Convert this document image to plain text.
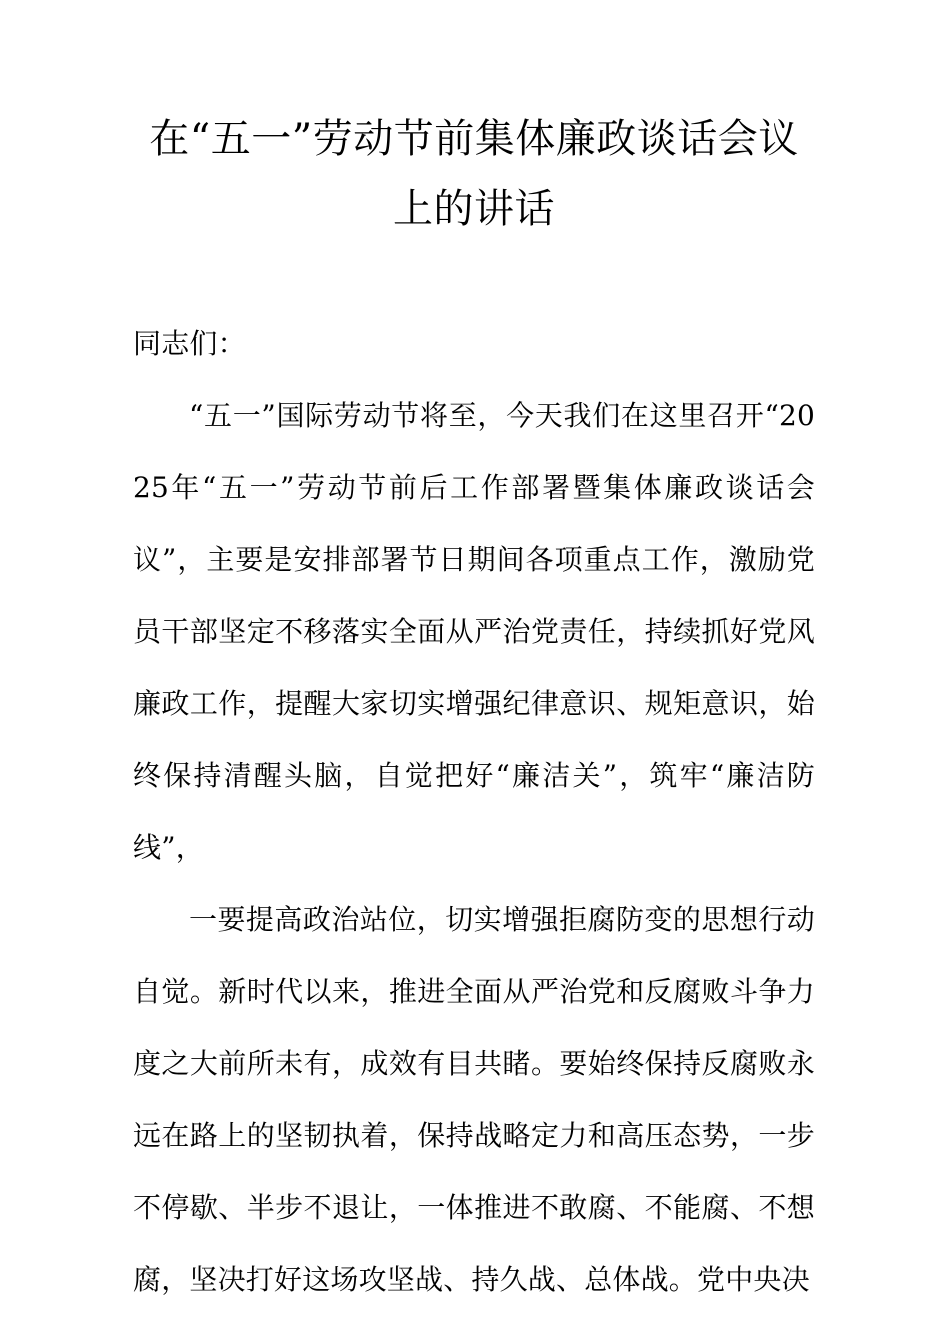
在“五一”劳动节前集体廉政谈话会议上的讲话

同志们：

“五一”国际劳动节将至，今天我们在这里召开“2025年“五一”劳动节前后工作部署暨集体廉政谈话会议”，主要是安排部署节日期间各项重点工作，激励党员干部坚定不移落实全面从严治党责任，持续抓好党风廉政工作，提醒大家切实增强纪律意识、规矩意识，始终保持清醒头脑，自觉把好“廉洁关”，筑牢“廉洁防线”，

一要提高政治站位，切实增强拒腐防变的思想行动自觉。新时代以来，推进全面从严治党和反腐败斗争力度之大前所未有，成效有目共睹。要始终保持反腐败永远在路上的坚韧执着，保持战略定力和高压态势，一步不停歇、半步不退让，一体推进不敢腐、不能腐、不想腐，坚决打好这场攻坚战、持久战、总体战。党中央决
